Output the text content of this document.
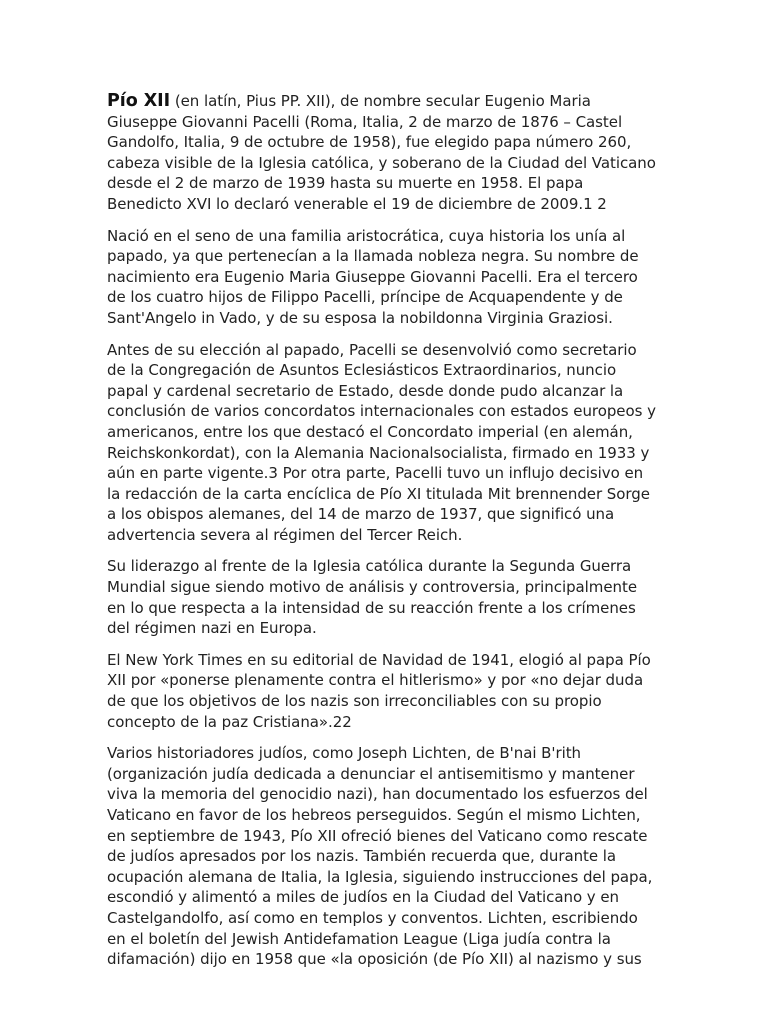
Pío XII (en latín, Pius PP. XII), de nombre secular Eugenio Maria Giuseppe Giovanni Pacelli (Roma, Italia, 2 de marzo de 1876 – Castel Gandolfo, Italia, 9 de octubre de 1958), fue elegido papa número 260, cabeza visible de la Iglesia católica, y soberano de la Ciudad del Vaticano desde el 2 de marzo de 1939 hasta su muerte en 1958. El papa Benedicto XVI lo declaró venerable el 19 de diciembre de 2009.1 2

Nació en el seno de una familia aristocrática, cuya historia los unía al papado, ya que pertenecían a la llamada nobleza negra. Su nombre de nacimiento era Eugenio Maria Giuseppe Giovanni Pacelli. Era el tercero de los cuatro hijos de Filippo Pacelli, príncipe de Acquapendente y de Sant'Angelo in Vado, y de su esposa la nobildonna Virginia Graziosi.

Antes de su elección al papado, Pacelli se desenvolvió como secretario de la Congregación de Asuntos Eclesiásticos Extraordinarios, nuncio papal y cardenal secretario de Estado, desde donde pudo alcanzar la conclusión de varios concordatos internacionales con estados europeos y americanos, entre los que destacó el Concordato imperial (en alemán, Reichskonkordat), con la Alemania Nacionalsocialista, firmado en 1933 y aún en parte vigente.3 Por otra parte, Pacelli tuvo un influjo decisivo en la redacción de la carta encíclica de Pío XI titulada Mit brennender Sorge a los obispos alemanes, del 14 de marzo de 1937, que significó una advertencia severa al régimen del Tercer Reich.

Su liderazgo al frente de la Iglesia católica durante la Segunda Guerra Mundial sigue siendo motivo de análisis y controversia, principalmente en lo que respecta a la intensidad de su reacción frente a los crímenes del régimen nazi en Europa.

El New York Times en su editorial de Navidad de 1941, elogió al papa Pío XII por «ponerse plenamente contra el hitlerismo» y por «no dejar duda de que los objetivos de los nazis son irreconciliables con su propio concepto de la paz Cristiana».22

Varios historiadores judíos, como Joseph Lichten, de B'nai B'rith (organización judía dedicada a denunciar el antisemitismo y mantener viva la memoria del genocidio nazi), han documentado los esfuerzos del Vaticano en favor de los hebreos perseguidos. Según el mismo Lichten, en septiembre de 1943, Pío XII ofreció bienes del Vaticano como rescate de judíos apresados por los nazis. También recuerda que, durante la ocupación alemana de Italia, la Iglesia, siguiendo instrucciones del papa, escondió y alimentó a miles de judíos en la Ciudad del Vaticano y en Castelgandolfo, así como en templos y conventos. Lichten, escribiendo en el boletín del Jewish Antidefamation League (Liga judía contra la difamación) dijo en 1958 que «la oposición (de Pío XII) al nazismo y sus
